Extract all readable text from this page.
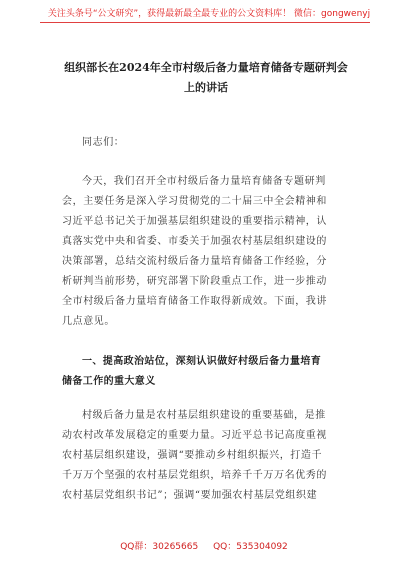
关注头条号“公文研究”，获得最新最全最专业的公文资料库！ 微信：gongwenyj
组织部长在2024年全市村级后备力量培育储备专题研判会
上的讲话
同志们：
今天，我们召开全市村级后备力量培育储备专题研判
会，主要任务是深入学习贯彻党的二十届三中全会精神和
习近平总书记关于加强基层组织建设的重要指示精神，认
真落实党中央和省委、市委关于加强农村基层组织建设的
决策部署，总结交流村级后备力量培育储备工作经验，分
析研判当前形势，研究部署下阶段重点工作，进一步推动
全市村级后备力量培育储备工作取得新成效。下面，我讲
几点意见。
一、提高政治站位，深刻认识做好村级后备力量培育
储备工作的重大意义
村级后备力量是农村基层组织建设的重要基础，是推
动农村改革发展稳定的重要力量。习近平总书记高度重视
农村基层组织建设，强调“要推动乡村组织振兴，打造千
千万万个坚强的农村基层党组织，培养千千万万名优秀的
农村基层党组织书记”；强调“要加强农村基层党组织建
QQ群：30265665 QQ：535304092
